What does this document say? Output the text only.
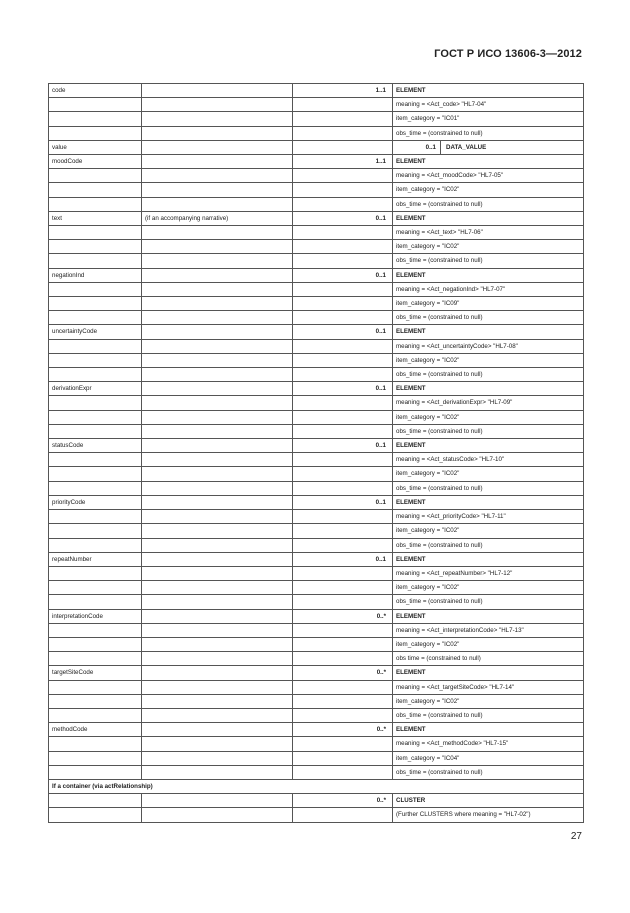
ГОСТ Р ИСО 13606-3—2012
code		1..1	ELEMENT
			meaning = <Act_code> "HL7-04"
			item_category = "IC01"
			obs_time = (constrained to null)
value			0..1 DATA_VALUE
moodCode		1..1	ELEMENT
			meaning = <Act_moodCode> "HL7-05"
			item_category = "IC02"
			obs_time = (constrained to null)
text	(if an accompanying narrative)	0..1	ELEMENT
			meaning = <Act_text> "HL7-06"
			item_category = "IC02"
			obs_time = (constrained to null)
negationInd		0..1	ELEMENT
			meaning = <Act_negationInd> "HL7-07"
			item_category = "IC09"
			obs_time = (constrained to null)
uncertaintyCode		0..1	ELEMENT
			meaning = <Act_uncertaintyCode> "HL7-08"
			item_category = "IC02"
			obs_time = (constrained to null)
derivationExpr		0..1	ELEMENT
			meaning = <Act_derivationExpr> "HL7-09"
			item_category = "IC02"
			obs_time = (constrained to null)
statusCode		0..1	ELEMENT
			meaning = <Act_statusCode> "HL7-10"
			item_category = "IC02"
			obs_time = (constrained to null)
priorityCode		0..1	ELEMENT
			meaning = <Act_priorityCode> "HL7-11"
			item_category = "IC02"
			obs_time = (constrained to null)
repeatNumber		0..1	ELEMENT
			meaning = <Act_repeatNumber> "HL7-12"
			item_category = "IC02"
			obs_time = (constrained to null)
interpretationCode		0..*	ELEMENT
			meaning = <Act_interpretationCode> "HL7-13"
			item_category = "IC02"
			obs time = (constrained to null)
targetSiteCode		0..*	ELEMENT
			meaning = <Act_targetSiteCode> "HL7-14"
			item_category = "IC02"
			obs_time = (constrained to null)
methodCode		0..*	ELEMENT
			meaning = <Act_methodCode> "HL7-15"
			item_category = "IC04"
			obs_time = (constrained to null)
If a container (via actRelationship)			
		0..*	CLUSTER
			(Further CLUSTERS where meaning = "HL7-02")
27
